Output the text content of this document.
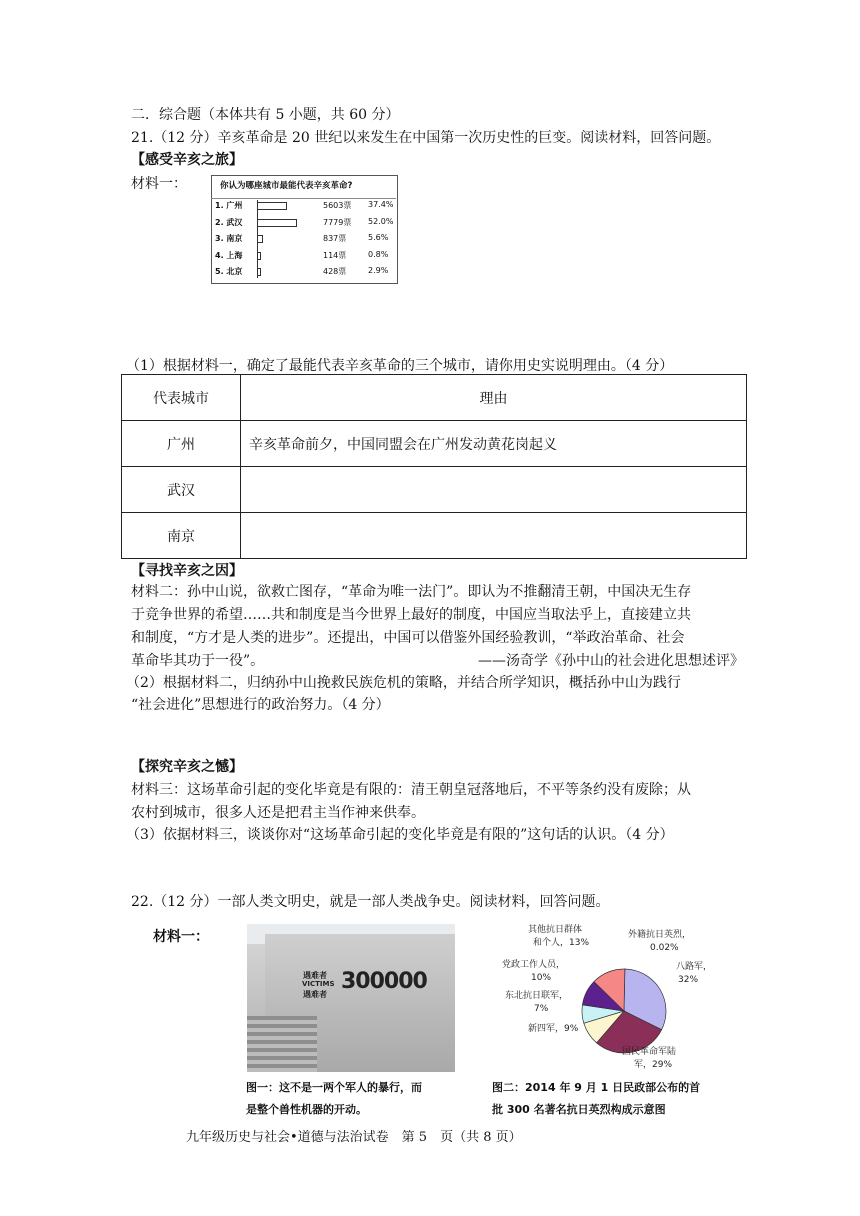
二．综合题（本体共有 5 小题，共 60 分）
21.（12 分）辛亥革命是 20 世纪以来发生在中国第一次历史性的巨变。阅读材料，回答问题。
【感受辛亥之旅】
材料一：	你认为哪座城市最能代表辛亥革命?
1. 广州	5603票 37.4%
2. 武汉	7779票 52.0%
3. 南京	837票	5.6%
4. 上海	114票	0.8%
5. 北京	428票	2.9%
（1）根据材料一，确定了最能代表辛亥革命的三个城市，请你用史实说明理由。（4 分）
代表城市	理由
广州	辛亥革命前夕，中国同盟会在广州发动黄花岗起义
武汉	
南京	
【寻找辛亥之因】
材料二：孙中山说，欲救亡图存，“革命为唯一法门”。即认为不推翻清王朝，中国决无生存
于竞争世界的希望……共和制度是当今世界上最好的制度，中国应当取法乎上，直接建立共
和制度，“方才是人类的进步”。还提出，中国可以借鉴外国经验教训，“举政治革命、社会
革命毕其功于一役”。	——汤奇学《孙中山的社会进化思想述评》
（2）根据材料二，归纳孙中山挽救民族危机的策略，并结合所学知识，概括孙中山为践行
“社会进化”思想进行的政治努力。（4 分）
【探究辛亥之憾】
材料三：这场革命引起的变化毕竟是有限的：清王朝皇冠落地后，不平等条约没有废除；从
农村到城市，很多人还是把君主当作神来供奉。
（3）依据材料三，谈谈你对“这场革命引起的变化毕竟是有限的”这句话的认识。（4 分）
22.（12 分）一部人类文明史，就是一部人类战争史。阅读材料，回答问题。
材料一：
遇难者
VICTIMS
遇难者
300000
图一：这不是一两个军人的暴行，而
是整个兽性机器的开动。
其他抗日群体
和个人，13%
外籍抗日英烈，
0.02%
八路军，
32%
党政工作人员，
10%
东北抗日联军，
7%
新四军，9%
国民革命军陆
军，29%
图二：2014 年 9 月 1 日民政部公布的首
批 300 名著名抗日英烈构成示意图
九年级历史与社会•道德与法治试卷　第 5　页（共 8 页）
